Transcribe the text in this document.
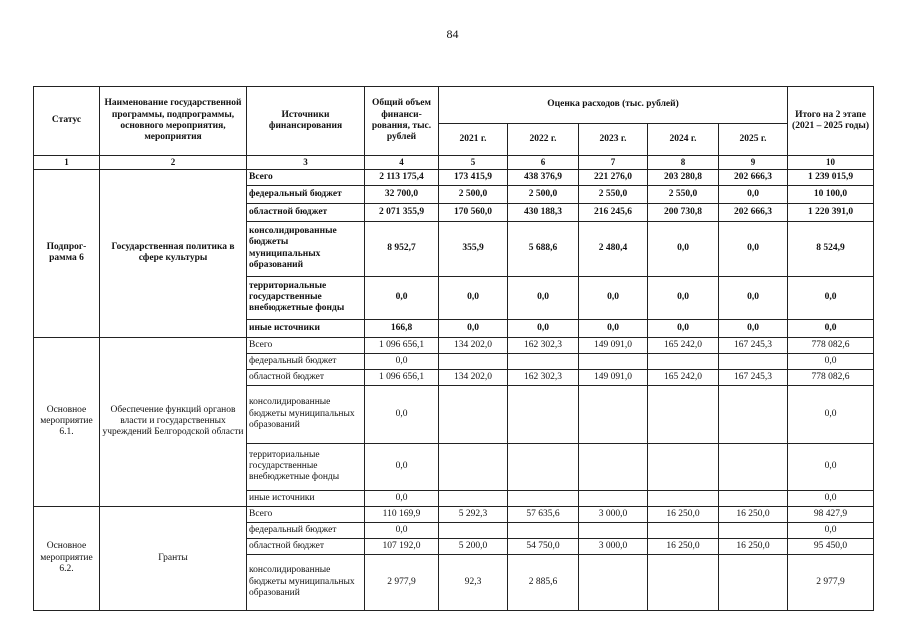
84
Статус	Наименование государственной программы, подпрограммы, основного мероприятия, мероприятия	Источники финансирования	Общий объем финанси-рования, тыс. рублей	Оценка расходов (тыс. рублей)					Итого на 2 этапе (2021 – 2025 годы)
				2021 г.	2022 г.	2023 г.	2024 г.	2025 г.	
1	2	3	4	5	6	7	8	9	10
Подпрог-рамма 6	Государственная политика в сфере культуры	Всего	2 113 175,4	173 415,9	438 376,9	221 276,0	203 280,8	202 666,3	1 239 015,9
		федеральный бюджет	32 700,0	2 500,0	2 500,0	2 550,0	2 550,0	0,0	10 100,0
		областной бюджет	2 071 355,9	170 560,0	430 188,3	216 245,6	200 730,8	202 666,3	1 220 391,0
		консолидированные бюджеты муниципальных образований	8 952,7	355,9	5 688,6	2 480,4	0,0	0,0	8 524,9
		территориальные государственные внебюджетные фонды	0,0	0,0	0,0	0,0	0,0	0,0	0,0
		иные источники	166,8	0,0	0,0	0,0	0,0	0,0	0,0
Основное мероприятие 6.1.	Обеспечение функций органов власти и государственных учреждений Белгородской области	Всего	1 096 656,1	134 202,0	162 302,3	149 091,0	165 242,0	167 245,3	778 082,6
		федеральный бюджет	0,0						0,0
		областной бюджет	1 096 656,1	134 202,0	162 302,3	149 091,0	165 242,0	167 245,3	778 082,6
		консолидированные бюджеты муниципальных образований	0,0						0,0
		территориальные государственные внебюджетные фонды	0,0						0,0
		иные источники	0,0						0,0
Основное мероприятие 6.2.	Гранты	Всего	110 169,9	5 292,3	57 635,6	3 000,0	16 250,0	16 250,0	98 427,9
		федеральный бюджет	0,0						0,0
		областной бюджет	107 192,0	5 200,0	54 750,0	3 000,0	16 250,0	16 250,0	95 450,0
		консолидированные бюджеты муниципальных образований	2 977,9	92,3	2 885,6				2 977,9
